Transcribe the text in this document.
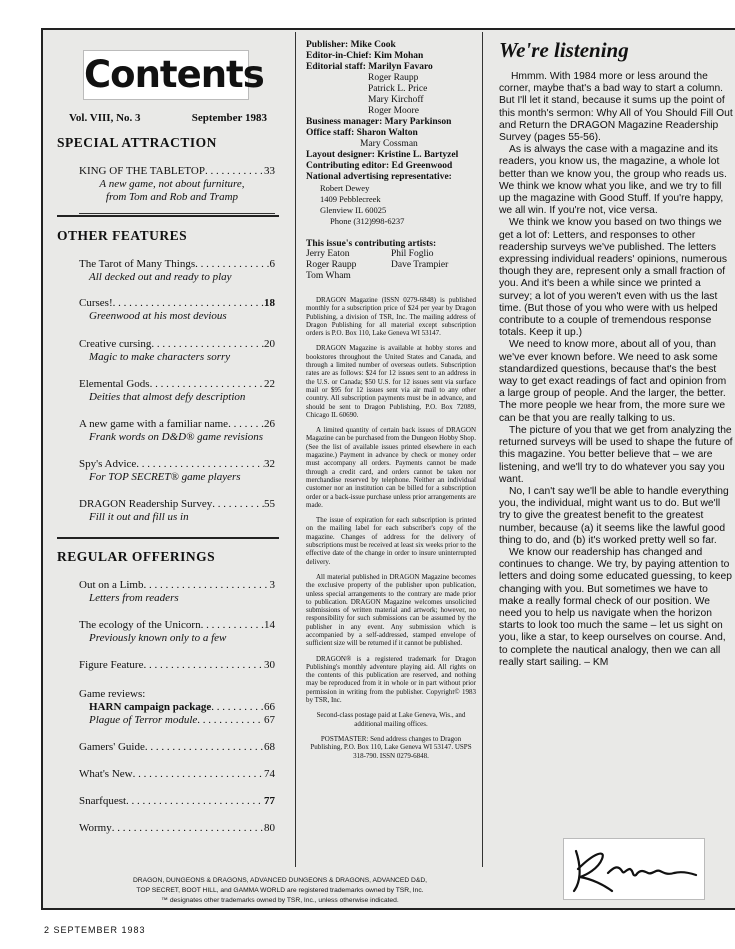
Contents
Vol. VIII, No. 3	September 1983
SPECIAL ATTRACTION
KING OF THE TABLETOP . . .	33
A new game, not about furniture, from Tom and Rob and Tramp
OTHER FEATURES
The Tarot of Many Things . . .	6
All decked out and ready to play
Curses! . . .	18
Greenwood at his most devious
Creative cursing . . .	20
Magic to make characters sorry
Elemental Gods . . .	22
Deities that almost defy description
A new game with a familiar name . . .	26
Frank words on D&D® game revisions
Spy's Advice . . .	32
For TOP SECRET® game players
DRAGON Readership Survey . . .	55
Fill it out and fill us in
REGULAR OFFERINGS
Out on a Limb . . .	3
Letters from readers
The ecology of the Unicorn . . .	14
Previously known only to a few
Figure Feature . . .	30
Game reviews:
HARN campaign package . . .	66
Plague of Terror module . . .	67
Gamers' Guide . . .	68
What's New . . .	74
Snarfquest . . .	77
Wormy . . .	80
Publisher: Mike Cook
Editor-in-Chief: Kim Mohan
Editorial staff: Marilyn Favaro
Roger Raupp
Patrick L. Price
Mary Kirchoff
Roger Moore
Business manager: Mary Parkinson
Office staff: Sharon Walton
Mary Cossman
Layout designer: Kristine L. Bartyzel
Contributing editor: Ed Greenwood
National advertising representative:
Robert Dewey
1409 Pebblecreek
Glenview IL 60025
Phone (312)998-6237
This issue's contributing artists:
Jerry Eaton	Phil Foglio
Roger Raupp	Dave Trampier
Tom Wham

DRAGON Magazine (ISSN 0279-6848) is published monthly for a subscription price of $24 per year by Dragon Publishing, a division of TSR, Inc. The mailing address of Dragon Publishing for all material except subscription orders is P.O. Box 110, Lake Geneva WI 53147.

DRAGON Magazine is available at hobby stores and bookstores throughout the United States and Canada, and through a limited number of overseas outlets. Subscription rates are as follows: $24 for 12 issues sent to an address in the U.S. or Canada; $50 U.S. for 12 issues sent via surface mail or $95 for 12 issues sent via air mail to any other country. All subscription payments must be in advance, and should be sent to Dragon Publishing, P.O. Box 72089, Chicago IL 60690.

A limited quantity of certain back issues of DRAGON Magazine can be purchased from the Dungeon Hobby Shop. (See the list of available issues printed elsewhere in each magazine.) Payment in advance by check or money order must accompany all orders. Payments cannot be made through a credit card, and orders cannot be taken nor merchandise reserved by telephone. Neither an individual customer nor an institution can be billed for a subscription order or a back-issue purchase unless prior arrangements are made.

The issue of expiration for each subscription is printed on the mailing label for each subscriber's copy of the magazine. Changes of address for the delivery of subscriptions must be received at least six weeks prior to the effective date of the change in order to insure uninterrupted delivery.

All material published in DRAGON Magazine becomes the exclusive property of the publisher upon publication, unless special arrangements to the contrary are made prior to publication. DRAGON Magazine welcomes unsolicited submissions of written material and artwork; however, no responsibility for such submissions can be assumed by the publisher in any event. Any submission which is accompanied by a self-addressed, stamped envelope of sufficient size will be returned if it cannot be published.

DRAGON® is a registered trademark for Dragon Publishing's monthly adventure playing aid. All rights on the contents of this publication are reserved, and nothing may be reproduced from it in whole or in part without prior permission in writing from the publisher. Copyright© 1983 by TSR, Inc.

Second-class postage paid at Lake Geneva, Wis., and additional mailing offices.

POSTMASTER: Send address changes to Dragon Publishing, P.O. Box 110, Lake Geneva WI 53147. USPS 318-790. ISSN 0279-6848.

We're listening

Hmmm. With 1984 more or less around the corner, maybe that's a bad way to start a column. But I'll let it stand, because it sums up the point of this month's sermon: Why All of You Should Fill Out and Return the DRAGON Magazine Readership Survey (pages 55-56).

As is always the case with a magazine and its readers, you know us, the magazine, a whole lot better than we know you, the group who reads us. We think we know what you like, and we try to fill up the magazine with Good Stuff. If you're happy, we all win. If you're not, vice versa.

We think we know you based on two things we get a lot of: Letters, and responses to other readership surveys we've published. The letters expressing individual readers' opinions, numerous though they are, represent only a small fraction of you. And it's been a while since we printed a survey; a lot of you weren't even with us the last time. (But those of you who were with us helped contribute to a couple of tremendous response totals. Keep it up.)

We need to know more, about all of you, than we've ever known before. We need to ask some standardized questions, because that's the best way to get exact readings of fact and opinion from a large group of people. And the larger, the better. The more people we hear from, the more sure we can be that you are really talking to us.

The picture of you that we get from analyzing the returned surveys will be used to shape the future of this magazine. You better believe that – we are listening, and we'll try to do whatever you say you want.

No, I can't say we'll be able to handle everything you, the individual, might want us to do. But we'll try to give the greatest benefit to the greatest number, because (a) it seems like the lawful good thing to do, and (b) it's worked pretty well so far.

We know our readership has changed and continues to change. We try, by paying attention to letters and doing some educated guessing, to keep changing with you. But sometimes we have to make a really formal check of our position. We need you to help us navigate when the horizon starts to look too much the same – let us sight on you, like a star, to keep ourselves on course. And, to complete the nautical analogy, then we can all really start sailing. – KM

DRAGON, DUNGEONS & DRAGONS, ADVANCED DUNGEONS & DRAGONS, ADVANCED D&D,
TOP SECRET, BOOT HILL, and GAMMA WORLD are registered trademarks owned by TSR, Inc.
™ designates other trademarks owned by TSR, Inc., unless otherwise indicated.
2 SEPTEMBER 1983
